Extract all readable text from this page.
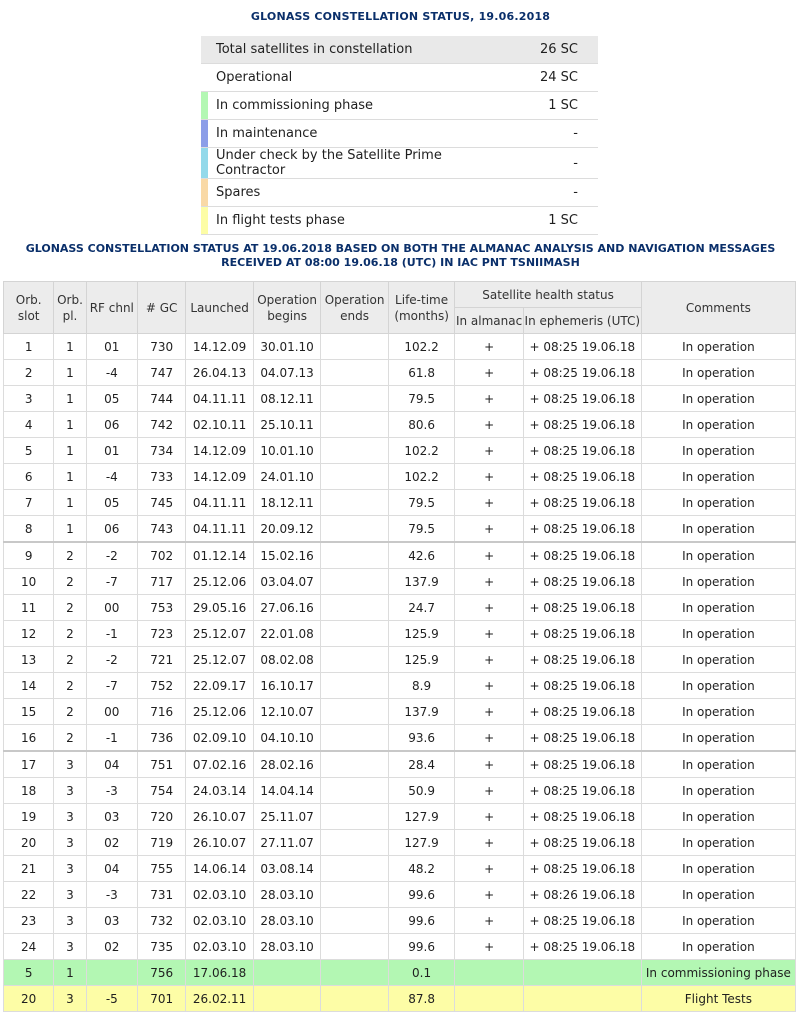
GLONASS CONSTELLATION STATUS, 19.06.2018
	Total satellites in constellation	26 SC
	Operational	24 SC
	In commissioning phase	1 SC
	In maintenance	-
	Under check by the Satellite Prime Contractor	-
	Spares	-
	In flight tests phase	1 SC
GLONASS CONSTELLATION STATUS AT 19.06.2018 BASED ON BOTH THE ALMANAC ANALYSIS AND NAVIGATION MESSAGES RECEIVED AT 08:00 19.06.18 (UTC) IN IAC PNT TSNIIMASH
Orb. slot	Orb. pl.	RF chnl	# GC	Launched	Operation begins	Operation ends	Life-time (months)	Satellite health status		Comments
								In almanac	In ephemeris (UTC)	
1	1	01	730	14.12.09	30.01.10		102.2	+	+ 08:25 19.06.18	In operation
2	1	-4	747	26.04.13	04.07.13		61.8	+	+ 08:25 19.06.18	In operation
3	1	05	744	04.11.11	08.12.11		79.5	+	+ 08:25 19.06.18	In operation
4	1	06	742	02.10.11	25.10.11		80.6	+	+ 08:25 19.06.18	In operation
5	1	01	734	14.12.09	10.01.10		102.2	+	+ 08:25 19.06.18	In operation
6	1	-4	733	14.12.09	24.01.10		102.2	+	+ 08:25 19.06.18	In operation
7	1	05	745	04.11.11	18.12.11		79.5	+	+ 08:25 19.06.18	In operation
8	1	06	743	04.11.11	20.09.12		79.5	+	+ 08:25 19.06.18	In operation
9	2	-2	702	01.12.14	15.02.16		42.6	+	+ 08:25 19.06.18	In operation
10	2	-7	717	25.12.06	03.04.07		137.9	+	+ 08:25 19.06.18	In operation
11	2	00	753	29.05.16	27.06.16		24.7	+	+ 08:25 19.06.18	In operation
12	2	-1	723	25.12.07	22.01.08		125.9	+	+ 08:25 19.06.18	In operation
13	2	-2	721	25.12.07	08.02.08		125.9	+	+ 08:25 19.06.18	In operation
14	2	-7	752	22.09.17	16.10.17		8.9	+	+ 08:25 19.06.18	In operation
15	2	00	716	25.12.06	12.10.07		137.9	+	+ 08:25 19.06.18	In operation
16	2	-1	736	02.09.10	04.10.10		93.6	+	+ 08:25 19.06.18	In operation
17	3	04	751	07.02.16	28.02.16		28.4	+	+ 08:25 19.06.18	In operation
18	3	-3	754	24.03.14	14.04.14		50.9	+	+ 08:25 19.06.18	In operation
19	3	03	720	26.10.07	25.11.07		127.9	+	+ 08:25 19.06.18	In operation
20	3	02	719	26.10.07	27.11.07		127.9	+	+ 08:25 19.06.18	In operation
21	3	04	755	14.06.14	03.08.14		48.2	+	+ 08:25 19.06.18	In operation
22	3	-3	731	02.03.10	28.03.10		99.6	+	+ 08:26 19.06.18	In operation
23	3	03	732	02.03.10	28.03.10		99.6	+	+ 08:25 19.06.18	In operation
24	3	02	735	02.03.10	28.03.10		99.6	+	+ 08:25 19.06.18	In operation
5	1		756	17.06.18			0.1			In commissioning phase
20	3	-5	701	26.02.11			87.8			Flight Tests
